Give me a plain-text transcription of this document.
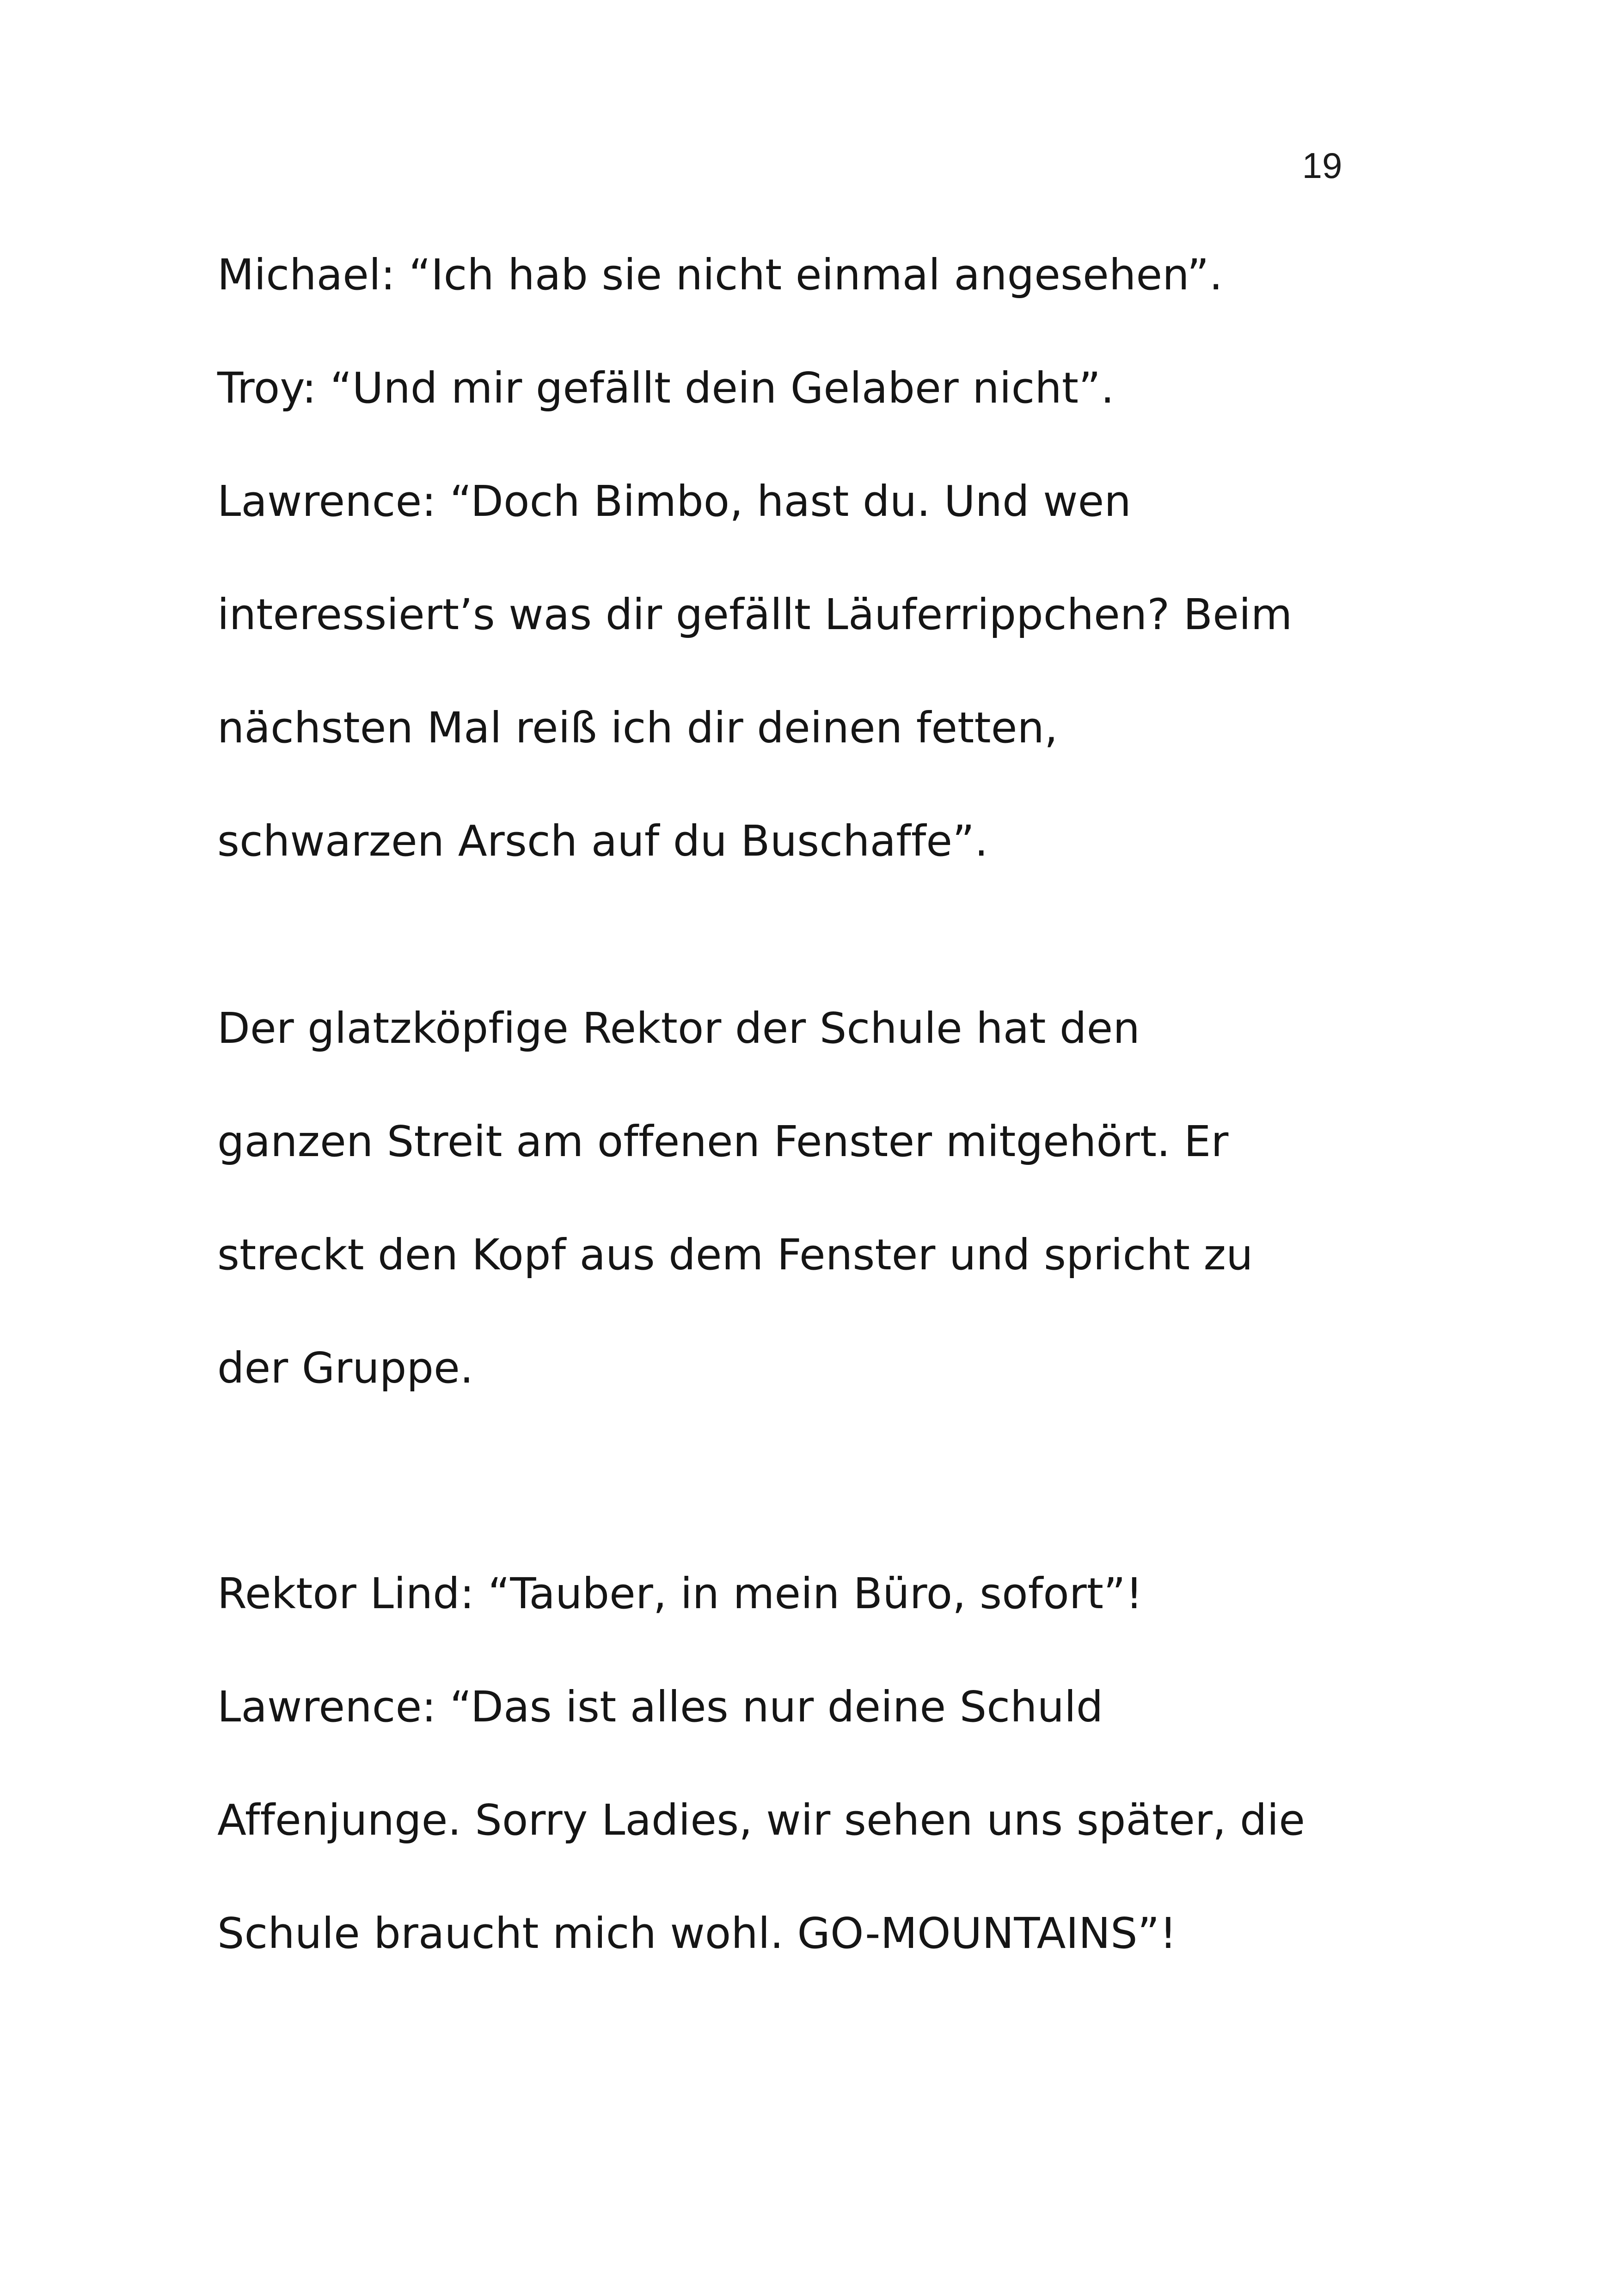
19
Michael: “Ich hab sie nicht einmal angesehen”.
Troy: “Und mir gefällt dein Gelaber nicht”.
Lawrence: “Doch Bimbo, hast du. Und wen
interessiert’s was dir gefällt Läuferrippchen? Beim
nächsten Mal reiß ich dir deinen fetten,
schwarzen Arsch auf du Buschaffe”.
Der glatzköpfige Rektor der Schule hat den
ganzen Streit am offenen Fenster mitgehört. Er
streckt den Kopf aus dem Fenster und spricht zu
der Gruppe.
Rektor Lind: “Tauber, in mein Büro, sofort”!
Lawrence: “Das ist alles nur deine Schuld
Affenjunge. Sorry Ladies, wir sehen uns später, die
Schule braucht mich wohl. GO-MOUNTAINS”!
